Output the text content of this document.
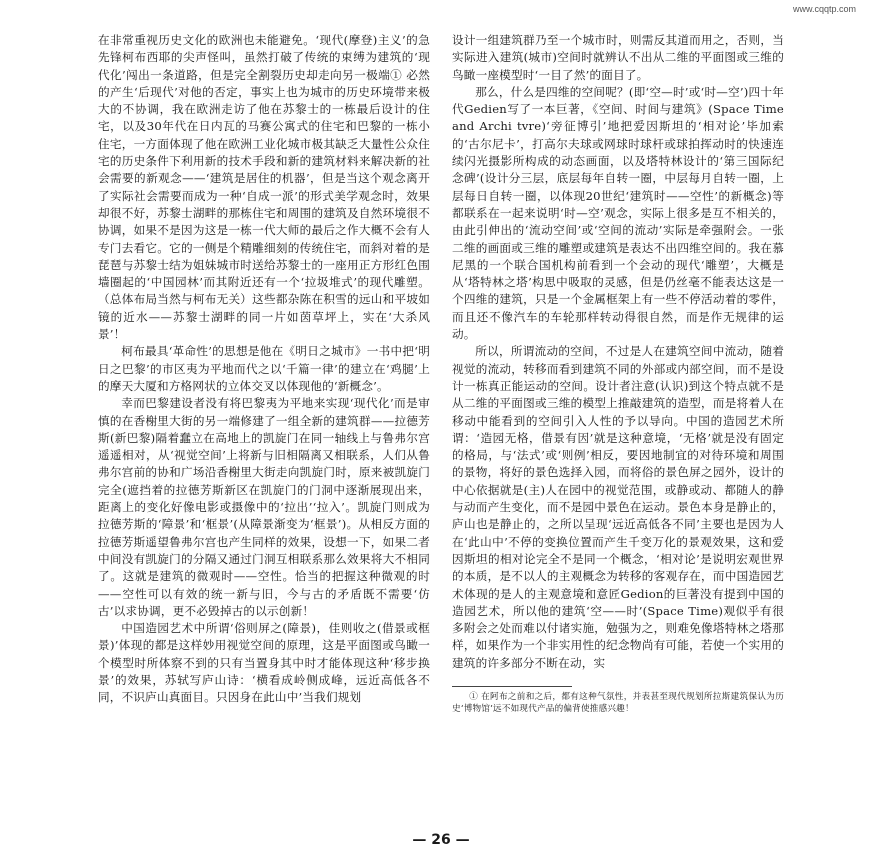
www.cqqtp.com

在非常重视历史文化的欧洲也未能避免。‘现代(摩登)主义’的急先锋柯布西耶的尖声怪叫，虽然打破了传统的束缚为建筑的‘现代化’闯出一条道路，但是完全割裂历史却走向另一极端① 必然的产生‘后现代’对他的否定，事实上也为城市的历史环境带来极大的不协调，我在欧洲走访了他在苏黎士的一栋最后设计的住宅，以及30年代在日内瓦的马赛公寓式的住宅和巴黎的一栋小住宅，一方面体现了他在欧洲工业化城市极其缺乏大量性公众住宅的历史条件下利用新的技术手段和新的建筑材料来解决新的社会需要的新观念——‘建筑是居住的机器’，但是当这个观念离开了实际社会需要而成为一种‘自成一派’的形式美学观念时，效果却很不好，苏黎士湖畔的那栋住宅和周围的建筑及自然环境很不协调，如果不是因为这是一栋一代大师的最后之作大概不会有人专门去看它。它的一侧是个精雕细刻的传统住宅，而斜对着的是琵琶与苏黎士结为姐妹城市时送给苏黎士的一座用正方形红色围墙圈起的‘中国园林’而其附近还有一个‘拉圾堆式’的现代雕塑。（总体布局当然与柯布无关）这些都杂陈在积雪的远山和平坡如镜的近水——苏黎士湖畔的同一片如茵草坪上，实在‘大杀风景’！

柯布最具‘革命性’的思想是他在《明日之城市》一书中把‘明日之巴黎’的市区夷为平地而代之以‘千篇一律’的建立在‘鸡腿’上的摩天大厦和方格网状的立体交叉以体现他的‘新概念’。

幸而巴黎建设者没有将巴黎夷为平地来实现‘现代化’而是审慎的在香榭里大街的另一端修建了一组全新的建筑群——拉德芳斯(新巴黎)隔着蠢立在高地上的凯旋门在同一轴线上与鲁弗尔宫遥遥相对，从‘视觉空间’上将新与旧相隔离又相联系，人们从鲁弗尔宫前的协和广场沿香榭里大街走向凯旋门时，原来被凯旋门完全(遮挡着的拉德芳斯新区在凯旋门的门洞中逐渐展现出来，距离上的变化好像电影或摄像中的‘拉出’‘拉入’。凯旋门则成为拉德芳斯的‘障景’和‘框景’(从障景渐变为‘框景’)。从相反方面的拉德芳斯遥望鲁弗尔宫也产生同样的效果，设想一下，如果二者中间没有凯旋门的分隔又通过门洞互相联系那么效果将大不相同了。这就是建筑的微观时——空性。恰当的把握这种微观的时——空性可以有效的统一新与旧，今与古的矛盾既不需要‘仿古’以求协调，更不必毁掉古的以示创新！

中国造园艺术中所谓‘俗则屏之(障景)，佳则收之(借景或框景)’体现的都是这样妙用视觉空间的原理，这是平面图或鸟瞰一个模型时所体察不到的只有当置身其中时才能体现这种‘移步换景’的效果，苏轼写庐山诗：‘横看成岭侧成峰，远近高低各不同，不识庐山真面目。只因身在此山中’当我们规划

设计一组建筑群乃至一个城市时，则需反其道而用之，否则，当实际进入建筑(城市)空间时就辨认不出从二维的平面图或三维的鸟瞰一座模型时‘一目了然’的面目了。

那么，什么是四维的空间呢？(即‘空—时’或‘时—空’)四十年代Gedien写了一本巨著，《空间、时间与建筑》(Space Time and Archi tvre)‘旁征博引’地把爱因斯坦的‘相对论’毕加索的‘古尔尼卡’，打高尔夫球或网球时球杆或球拍挥动时的快速连续闪光摄影所构成的动态画面，以及塔特林设计的‘第三国际纪念碑’(设计分三层，底层每年自转一圈，中层每月自转一圈，上层每日自转一圈，以体现20世纪‘建筑时——空性’的新概念)等都联系在一起来说明‘时—空’观念，实际上很多是互不相关的，由此引伸出的‘流动空间’或‘空间的流动’实际是牵强附会。一张二维的画面或三维的雕塑或建筑是表达不出四维空间的。我在慕尼黑的一个联合国机构前看到一个会动的现代‘雕塑’，大概是从‘塔特林之塔’构思中吸取的灵感，但是仍丝毫不能表达这是一个四维的建筑，只是一个金属框架上有一些不停活动着的零件，而且还不像汽车的车轮那样转动得很自然，而是作无规律的运动。

所以，所谓流动的空间，不过是人在建筑空间中流动，随着视觉的流动，转移而看到建筑不同的外部或内部空间，而不是设计一栋真正能运动的空间。设计者注意(认识)到这个特点就不是从二维的平面图或三维的模型上推敲建筑的造型，而是将着人在移动中能看到的空间引入人性的予以导向。中国的造园艺术所谓：‘造园无格，借景有因’就是这种意境，‘无格’就是没有固定的格局，与‘法式’或‘则例’相反，要因地制宜的对待环境和周围的景物，将好的景色选择入园，而将俗的景色屏之园外，设计的中心依据就是(主)人在园中的视觉范围，或静或动、都随人的静与动而产生变化，而不是园中景色在运动。景色本身是静止的，庐山也是静止的，之所以呈现‘远近高低各不同’主要也是因为人在‘此山中’不停的变换位置而产生千变万化的景观效果，这和爱因斯坦的相对论完全不是同一个概念，‘相对论’是说明宏观世界的本质，是不以人的主观概念为转移的客观存在，而中国造园艺术体现的是人的主观意境和意匠Gedion的巨著没有提到中国的造园艺术，所以他的建筑‘空——时’(Space Time)观似乎有很多附会之处而难以付诸实施，勉强为之，则难免像塔特林之塔那样，如果作为一个非实用性的纪念物尚有可能，若使一个实用的建筑的许多部分不断在动，实

① 在阿布之前和之后，都有这种气氛性，并表甚至现代规划所拉斯建筑保认为历史‘博物馆’远不如现代产品的偏背使推感兴趣！

— 26 —
